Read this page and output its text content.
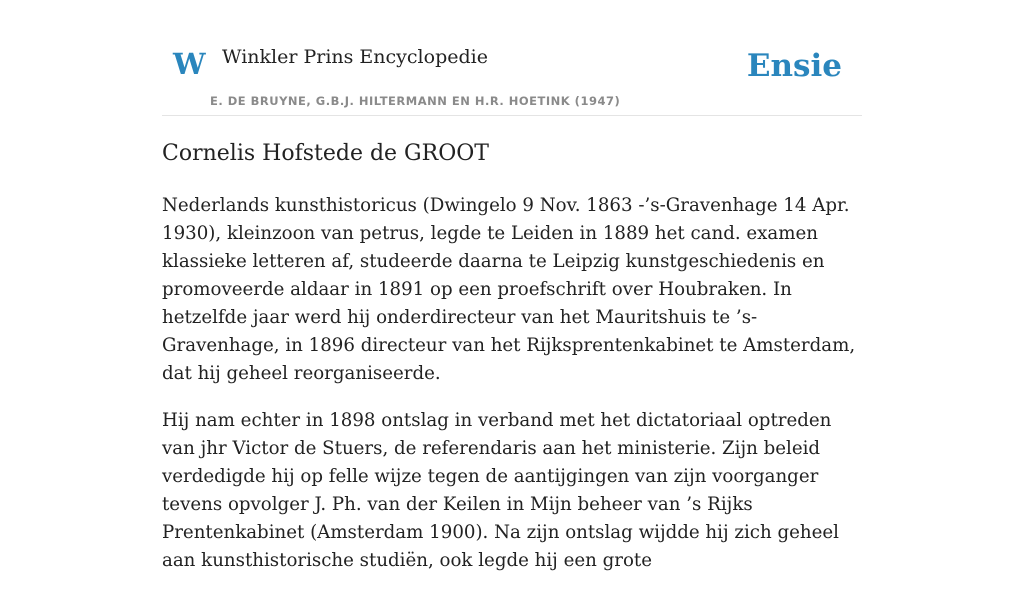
W Winkler Prins Encyclopedie
E. DE BRUYNE, G.B.J. HILTERMANN EN H.R. HOETINK (1947)
Ensie
Cornelis Hofstede de GROOT

Nederlands kunsthistoricus (Dwingelo 9 Nov. 1863 -’s-Gravenhage 14 Apr. 1930), kleinzoon van petrus, legde te Leiden in 1889 het cand. examen klassieke letteren af, studeerde daarna te Leipzig kunstgeschiedenis en promoveerde aldaar in 1891 op een proefschrift over Houbraken. In hetzelfde jaar werd hij onderdirecteur van het Mauritshuis te ’s-Gravenhage, in 1896 directeur van het Rijksprentenkabinet te Amsterdam, dat hij geheel reorganiseerde.

Hij nam echter in 1898 ontslag in verband met het dictatoriaal optreden van jhr Victor de Stuers, de referendaris aan het ministerie. Zijn beleid verdedigde hij op felle wijze tegen de aantijgingen van zijn voorganger tevens opvolger J. Ph. van der Keilen in Mijn beheer van ’s Rijks Prentenkabinet (Amsterdam 1900). Na zijn ontslag wijdde hij zich geheel aan kunsthistorische studiën, ook legde hij een grote
